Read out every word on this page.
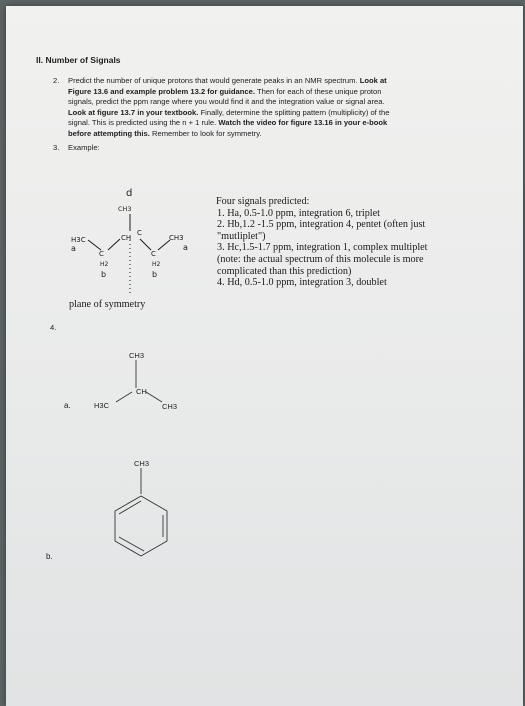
II. Number of Signals
2. Predict the number of unique protons that would generate peaks in an NMR spectrum. Look at
Figure 13.6 and example problem 13.2 for guidance. Then for each of these unique proton
signals, predict the ppm range where you would find it and the integration value or signal area.
Look at figure 13.7 in your textbook. Finally, determine the splitting pattern (multiplicity) of the
signal. This is predicted using the n + 1 rule. Watch the video for figure 13.16 in your e-book
before attempting this. Remember to look for symmetry.
3. Example:
d
CH3
H3C	CH
C
CH3
a	a
C	C
H2	H2
b	b
plane of symmetry
Four signals predicted:
1. Ha, 0.5-1.0 ppm, integration 6, triplet
2. Hb,1.2 -1.5 ppm, integration 4, pentet (often just
"mutliplet")
3. Hc,1.5-1.7 ppm, integration 1, complex multiplet
(note: the actual spectrum of this molecule is more
complicated than this prediction)
4. Hd, 0.5-1.0 ppm, integration 3, doublet
4.
CH3
CH
H3C	CH3
a.
CH3
b.
